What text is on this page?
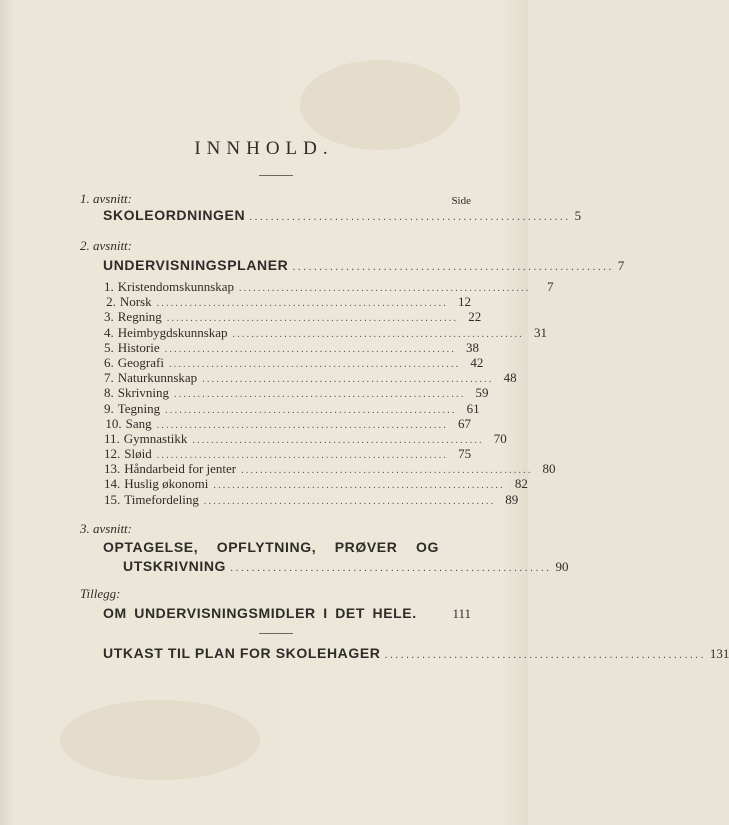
INNHOLD.
1. avsnitt:	Side
SKOLEORDNINGEN ............................................................ 5
2. avsnitt:
UNDERVISNINGSPLANER ............................................................ 7
1. Kristendomskunnskap ..............................................................	7
2. Norsk .............................................................. 12
3. Regning .............................................................. 22
4. Heimbygdskunnskap .............................................................. 31
5. Historie .............................................................. 38
6. Geografi .............................................................. 42
7. Naturkunnskap .............................................................. 48
8. Skrivning .............................................................. 59
9. Tegning .............................................................. 61
10. Sang .............................................................. 67
11. Gymnastikk .............................................................. 70
12. Sløid .............................................................. 75
13. Håndarbeid for jenter .............................................................. 80
14. Huslig økonomi .............................................................. 82
15. Timefordeling .............................................................. 89
3. avsnitt:
OPTAGELSE, OPFLYTNING, PRØVER OG
UTSKRIVNING ............................................................ 90
Tillegg:
OM UNDERVISNINGSMIDLER I DET HELE.	111
UTKAST TIL PLAN FOR SKOLEHAGER ............................................................ 131
